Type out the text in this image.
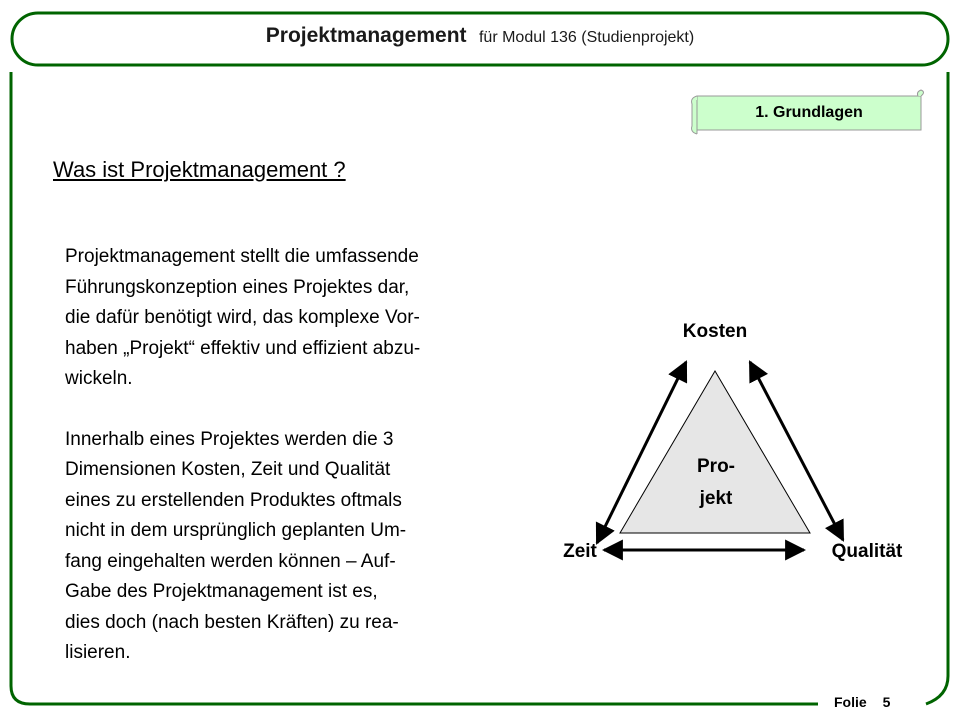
Projektmanagement für Modul 136 (Studienprojekt)
1. Grundlagen
Was ist Projektmanagement ?

Projektmanagement stellt die umfassende

Führungskonzeption eines Projektes dar,

die dafür benötigt wird, das komplexe Vor-

haben „Projekt“ effektiv und effizient abzu-

wickeln.

Innerhalb eines Projektes werden die 3

Dimensionen Kosten, Zeit und Qualität

eines zu erstellenden Produktes oftmals

nicht in dem ursprünglich geplanten Um-

fang eingehalten werden können – Auf-

Gabe des Projektmanagement ist es,

dies doch (nach besten Kräften) zu rea-

lisieren.

Kosten
Zeit	Qualität
Pro-
jekt
Folie 5
